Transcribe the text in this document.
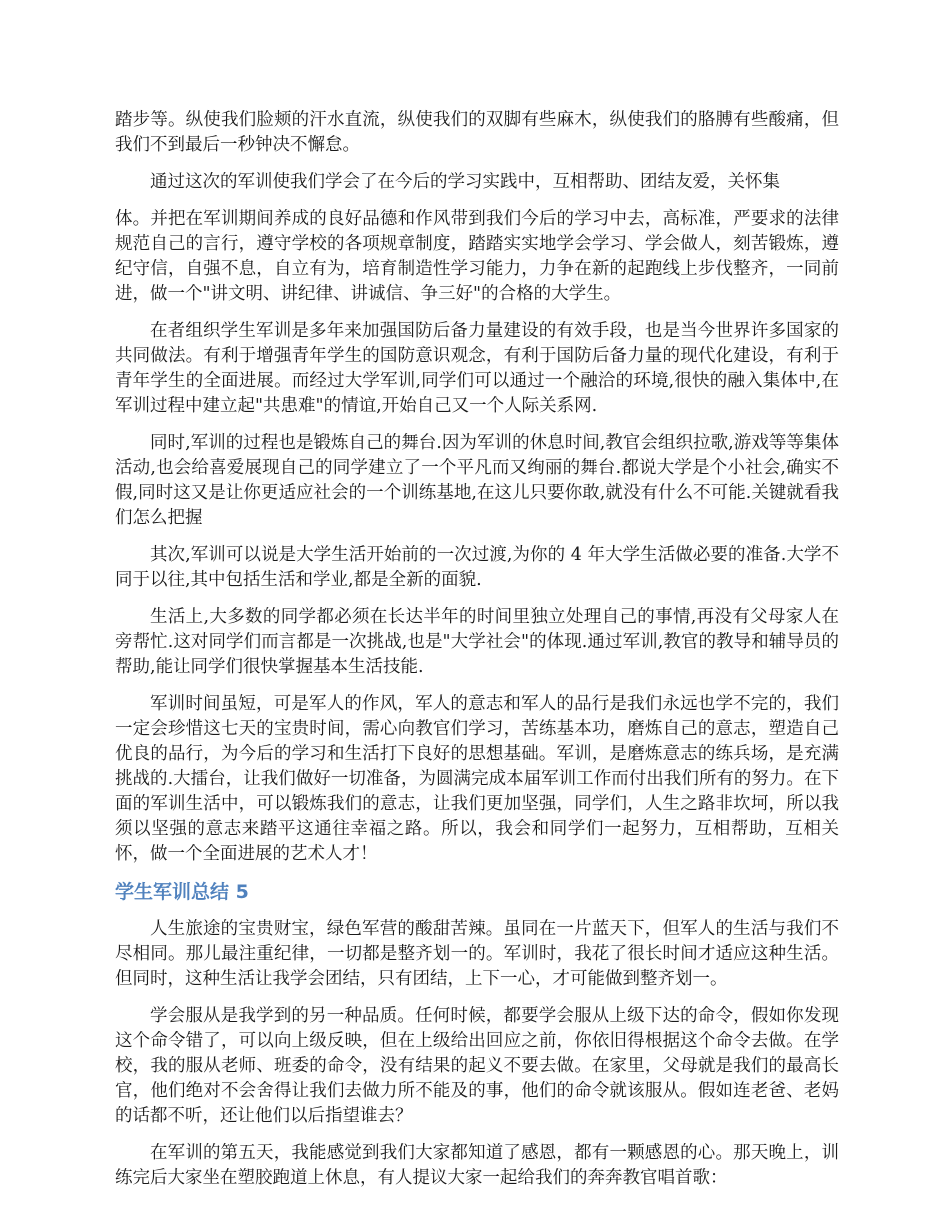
踏步等。纵使我们脸颊的汗水直流，纵使我们的双脚有些麻木，纵使我们的胳膊有些酸痛，但我们不到最后一秒钟决不懈怠。

通过这次的军训使我们学会了在今后的学习实践中，互相帮助、团结友爱，关怀集

体。并把在军训期间养成的良好品德和作风带到我们今后的学习中去，高标准，严要求的法律规范自己的言行，遵守学校的各项规章制度，踏踏实实地学会学习、学会做人，刻苦锻炼，遵纪守信，自强不息，自立有为，培育制造性学习能力，力争在新的起跑线上步伐整齐，一同前进，做一个"讲文明、讲纪律、讲诚信、争三好"的合格的大学生。

在者组织学生军训是多年来加强国防后备力量建设的有效手段，也是当今世界许多国家的共同做法。有利于增强青年学生的国防意识观念，有利于国防后备力量的现代化建设，有利于青年学生的全面进展。而经过大学军训,同学们可以通过一个融洽的环境,很快的融入集体中,在军训过程中建立起"共患难"的情谊,开始自己又一个人际关系网.

同时,军训的过程也是锻炼自己的舞台.因为军训的休息时间,教官会组织拉歌,游戏等等集体活动,也会给喜爱展现自己的同学建立了一个平凡而又绚丽的舞台.都说大学是个小社会,确实不假,同时这又是让你更适应社会的一个训练基地,在这儿只要你敢,就没有什么不可能.关键就看我们怎么把握

其次,军训可以说是大学生活开始前的一次过渡,为你的 4 年大学生活做必要的准备.大学不同于以往,其中包括生活和学业,都是全新的面貌.

生活上,大多数的同学都必须在长达半年的时间里独立处理自己的事情,再没有父母家人在旁帮忙.这对同学们而言都是一次挑战,也是"大学社会"的体现.通过军训,教官的教导和辅导员的帮助,能让同学们很快掌握基本生活技能.

军训时间虽短，可是军人的作风，军人的意志和军人的品行是我们永远也学不完的，我们一定会珍惜这七天的宝贵时间，需心向教官们学习，苦练基本功，磨炼自己的意志，塑造自己优良的品行，为今后的学习和生活打下良好的思想基础。军训，是磨炼意志的练兵场，是充满挑战的.大擂台，让我们做好一切准备，为圆满完成本届军训工作而付出我们所有的努力。在下面的军训生活中，可以锻炼我们的意志，让我们更加坚强，同学们，人生之路非坎坷，所以我须以坚强的意志来踏平这通往幸福之路。所以，我会和同学们一起努力，互相帮助，互相关怀，做一个全面进展的艺术人才！

学生军训总结 5

人生旅途的宝贵财宝，绿色军营的酸甜苦辣。虽同在一片蓝天下，但军人的生活与我们不尽相同。那儿最注重纪律，一切都是整齐划一的。军训时，我花了很长时间才适应这种生活。但同时，这种生活让我学会团结，只有团结，上下一心，才可能做到整齐划一。

学会服从是我学到的另一种品质。任何时候，都要学会服从上级下达的命令，假如你发现这个命令错了，可以向上级反映，但在上级给出回应之前，你依旧得根据这个命令去做。在学校，我的服从老师、班委的命令，没有结果的起义不要去做。在家里，父母就是我们的最高长官，他们绝对不会舍得让我们去做力所不能及的事，他们的命令就该服从。假如连老爸、老妈的话都不听，还让他们以后指望谁去？

在军训的第五天，我能感觉到我们大家都知道了感恩，都有一颗感恩的心。那天晚上，训练完后大家坐在塑胶跑道上休息，有人提议大家一起给我们的奔奔教官唱首歌：
